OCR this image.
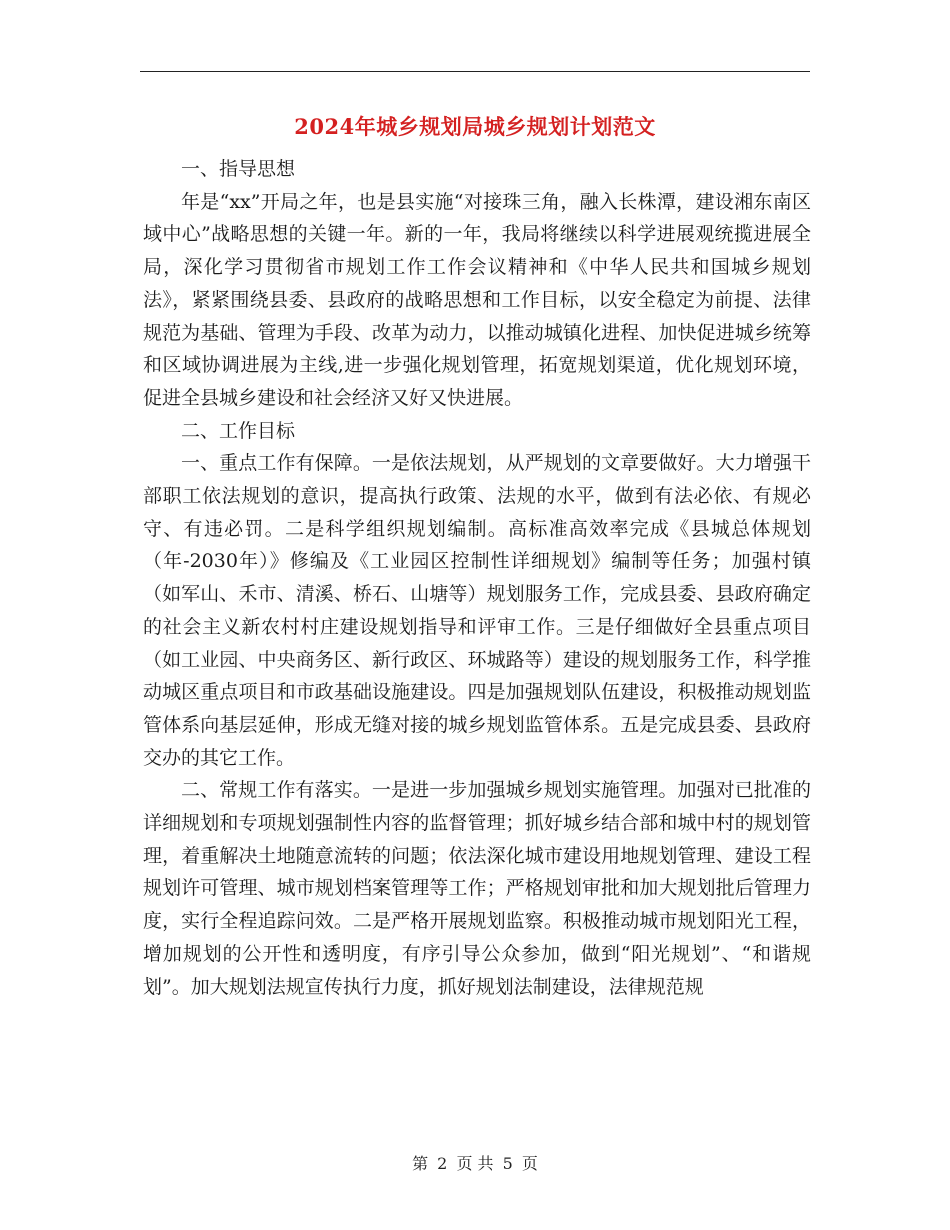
2024年城乡规划局城乡规划计划范文

一、指导思想

年是“xx”开局之年，也是县实施“对接珠三角，融入长株潭，建设湘东南区域中心”战略思想的关键一年。新的一年，我局将继续以科学进展观统揽进展全局，深化学习贯彻省市规划工作工作会议精神和《中华人民共和国城乡规划法》，紧紧围绕县委、县政府的战略思想和工作目标，以安全稳定为前提、法律规范为基础、管理为手段、改革为动力，以推动城镇化进程、加快促进城乡统筹和区域协调进展为主线,进一步强化规划管理，拓宽规划渠道，优化规划环境，促进全县城乡建设和社会经济又好又快进展。

二、工作目标

一、重点工作有保障。一是依法规划，从严规划的文章要做好。大力增强干部职工依法规划的意识，提高执行政策、法规的水平，做到有法必依、有规必守、有违必罚。二是科学组织规划编制。高标准高效率完成《县城总体规划（年-2030年）》修编及《工业园区控制性详细规划》编制等任务；加强村镇（如军山、禾市、清溪、桥石、山塘等）规划服务工作，完成县委、县政府确定的社会主义新农村村庄建设规划指导和评审工作。三是仔细做好全县重点项目（如工业园、中央商务区、新行政区、环城路等）建设的规划服务工作，科学推动城区重点项目和市政基础设施建设。四是加强规划队伍建设，积极推动规划监管体系向基层延伸，形成无缝对接的城乡规划监管体系。五是完成县委、县政府交办的其它工作。

二、常规工作有落实。一是进一步加强城乡规划实施管理。加强对已批准的详细规划和专项规划强制性内容的监督管理；抓好城乡结合部和城中村的规划管理，着重解决土地随意流转的问题；依法深化城市建设用地规划管理、建设工程规划许可管理、城市规划档案管理等工作；严格规划审批和加大规划批后管理力度，实行全程追踪问效。二是严格开展规划监察。积极推动城市规划阳光工程，增加规划的公开性和透明度，有序引导公众参加，做到“阳光规划”、“和谐规划”。加大规划法规宣传执行力度，抓好规划法制建设，法律规范规

第 2 页 共 5 页
